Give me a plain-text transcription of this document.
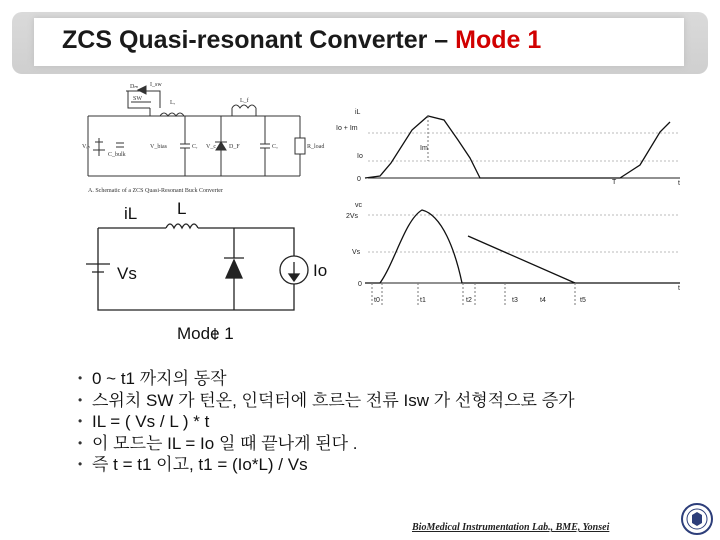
ZCS Quasi-resonant Converter – Mode 1
Dₘ I_sw
SW
Lᵣ	L_f
Vᵢₙ
C_bulk
V_bias	Cᵣ V_c D_F	Cₒ	R_load
A. Schematic of a ZCS Quasi-Resonant Buck Converter
iL L
Vs	Io
Mode 1
iL
Io + Im
Im
Io
0
t
T
vc
2Vs
Vs
0
t
t0	t1	t2	t3	t4	t5
• 0 ~ t1 까지의 동작
• 스위치 SW 가 턴온, 인덕터에 흐르는 전류 Isw 가 선형적으로 증가
• IL = ( Vs / L ) * t
• 이 모드는 IL = Io 일 때 끝나게 된다 .
• 즉 t = t1 이고, t1 = (Io*L) / Vs
BioMedical Instrumentation Lab., BME, Yonsei
